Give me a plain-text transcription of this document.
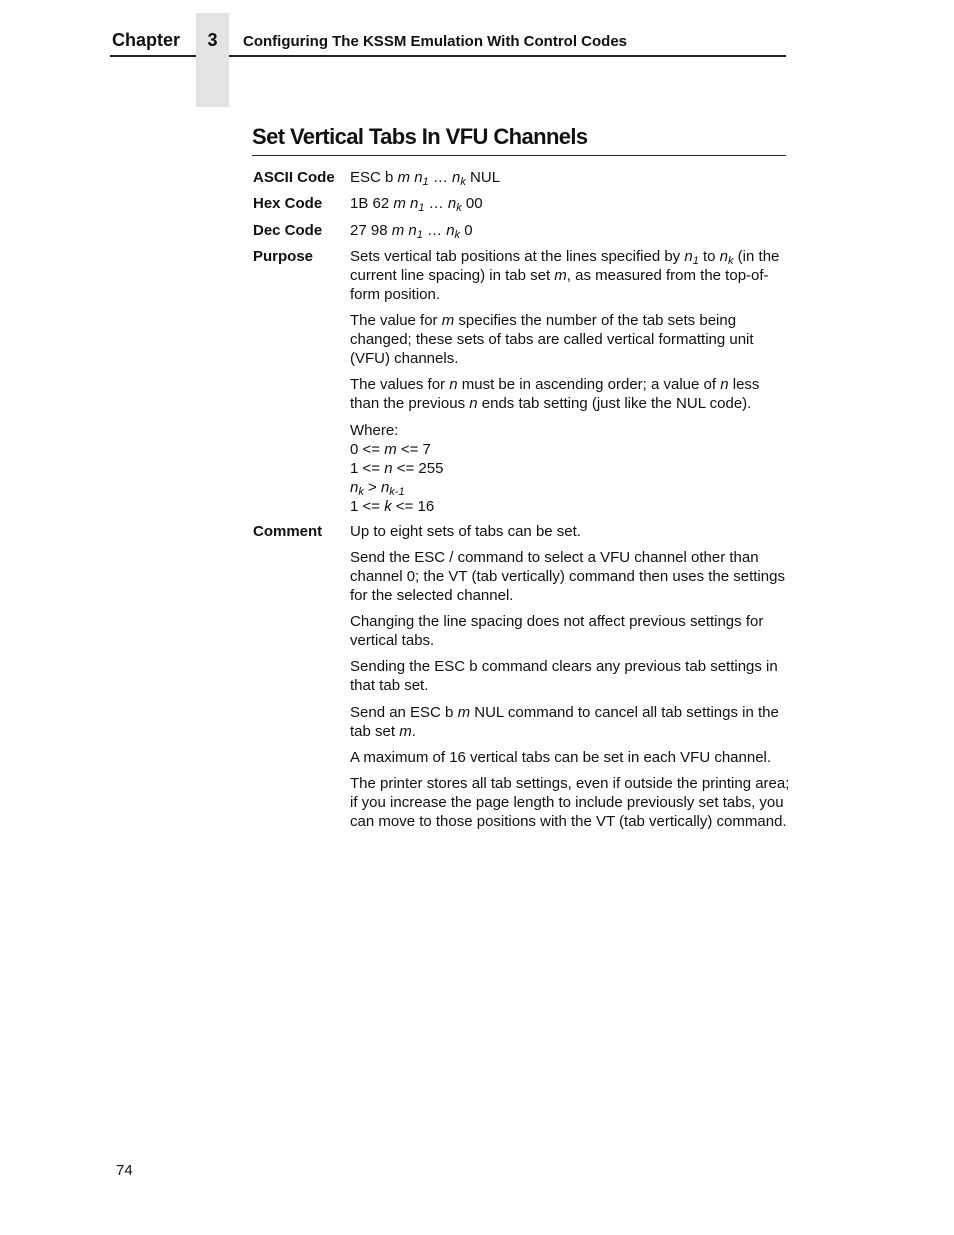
Chapter	3	Configuring The KSSM Emulation With Control Codes
Set Vertical Tabs In VFU Channels
ASCII Code ESC b m $n_1$ … $n_k$ NUL
Hex Code 1B 62 m $n_1$ … $n_k$ 00
Dec Code 27 98 m $n_1$ … $n_k$ 0
Purpose Sets vertical tab positions at the lines specified by $n_1$ to $n_k$ (in the current line spacing) in tab set m, as measured from the top-of-form position.
The value for m specifies the number of the tab sets being changed; these sets of tabs are called vertical formatting unit (VFU) channels.
The values for n must be in ascending order; a value of n less than the previous n ends tab setting (just like the NUL code).
Where:
0 <= m <= 7
1 <= n <= 255
$n_k > n_{k-1}$
1 <= k <= 16
Comment Up to eight sets of tabs can be set.
Send the ESC / command to select a VFU channel other than channel 0; the VT (tab vertically) command then uses the settings for the selected channel.
Changing the line spacing does not affect previous settings for vertical tabs.
Sending the ESC b command clears any previous tab settings in that tab set.
Send an ESC b m NUL command to cancel all tab settings in the tab set m.
A maximum of 16 vertical tabs can be set in each VFU channel.
The printer stores all tab settings, even if outside the printing area; if you increase the page length to include previously set tabs, you can move to those positions with the VT (tab vertically) command.
74
